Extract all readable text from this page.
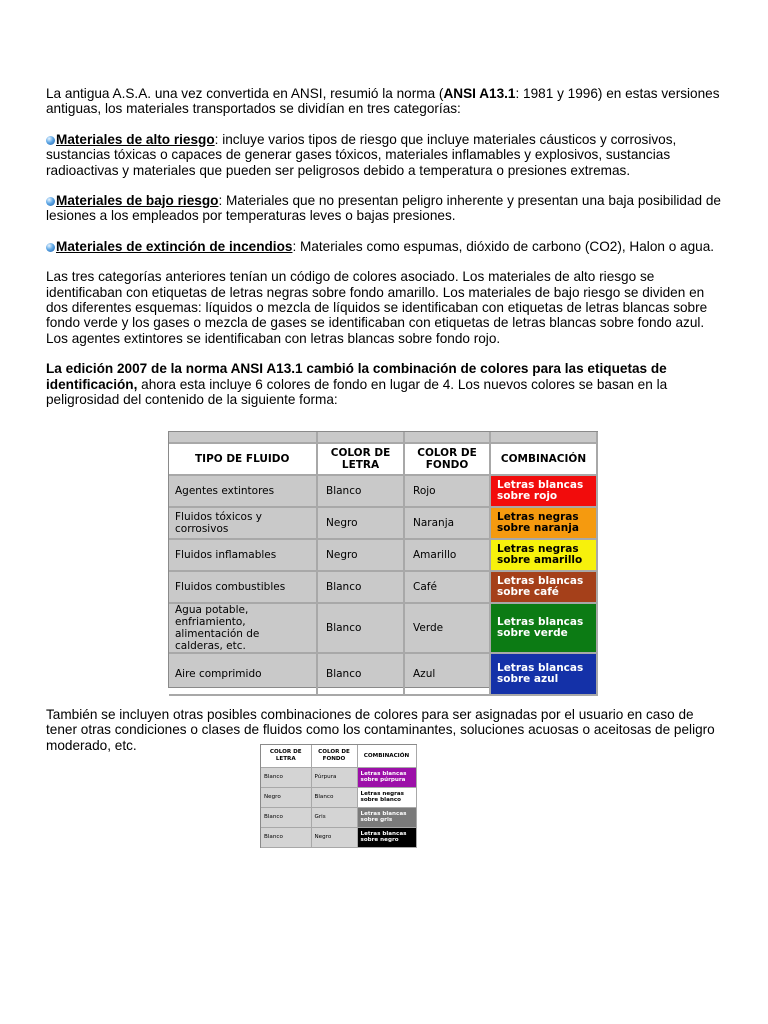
La antigua A.S.A. una vez convertida en ANSI, resumió la norma (ANSI A13.1: 1981 y 1996) en estas versiones antiguas, los materiales transportados se dividían en tres categorías:

Materiales de alto riesgo: incluye varios tipos de riesgo que incluye materiales cáusticos y corrosivos, sustancias tóxicas o capaces de generar gases tóxicos, materiales inflamables y explosivos, sustancias radioactivas y materiales que pueden ser peligrosos debido a temperatura o presiones extremas.

Materiales de bajo riesgo: Materiales que no presentan peligro inherente y presentan una baja posibilidad de lesiones a los empleados por temperaturas leves o bajas presiones.

Materiales de extinción de incendios: Materiales como espumas, dióxido de carbono (CO2), Halon o agua.

Las tres categorías anteriores tenían un código de colores asociado. Los materiales de alto riesgo se identificaban con etiquetas de letras negras sobre fondo amarillo. Los materiales de bajo riesgo se dividen en dos diferentes esquemas: líquidos o mezcla de líquidos se identificaban con etiquetas de letras blancas sobre fondo verde y los gases o mezcla de gases se identificaban con etiquetas de letras blancas sobre fondo azul. Los agentes extintores se identificaban con letras blancas sobre fondo rojo.

La edición 2007 de la norma ANSI A13.1 cambió la combinación de colores para las etiquetas de identificación, ahora esta incluye 6 colores de fondo en lugar de 4. Los nuevos colores se basan en la peligrosidad del contenido de la siguiente forma:

TIPO DE FLUIDO	COLOR DE LETRA	COLOR DE FONDO	COMBINACIÓN
Agentes extintores	Blanco	Rojo	Letras blancas sobre rojo
Fluidos tóxicos y corrosivos	Negro	Naranja	Letras negras sobre naranja
Fluidos inflamables	Negro	Amarillo	Letras negras sobre amarillo
Fluidos combustibles	Blanco	Café	Letras blancas sobre café
Agua potable, enfriamiento, alimentación de calderas, etc.	Blanco	Verde	Letras blancas sobre verde
Aire comprimido	Blanco	Azul	Letras blancas sobre azul

También se incluyen otras posibles combinaciones de colores para ser asignadas por el usuario en caso de tener otras condiciones o clases de fluidos como los contaminantes, soluciones acuosas o aceitosas de peligro moderado, etc.	COLOR DE LETRA	COLOR DE FONDO	COMBINACIÓN
Blanco	Púrpura	Letras blancas sobre púrpura
Negro	Blanco	Letras negras sobre blanco
Blanco	Gris	Letras blancas sobre gris
Blanco	Negro	Letras blancas sobre negro
